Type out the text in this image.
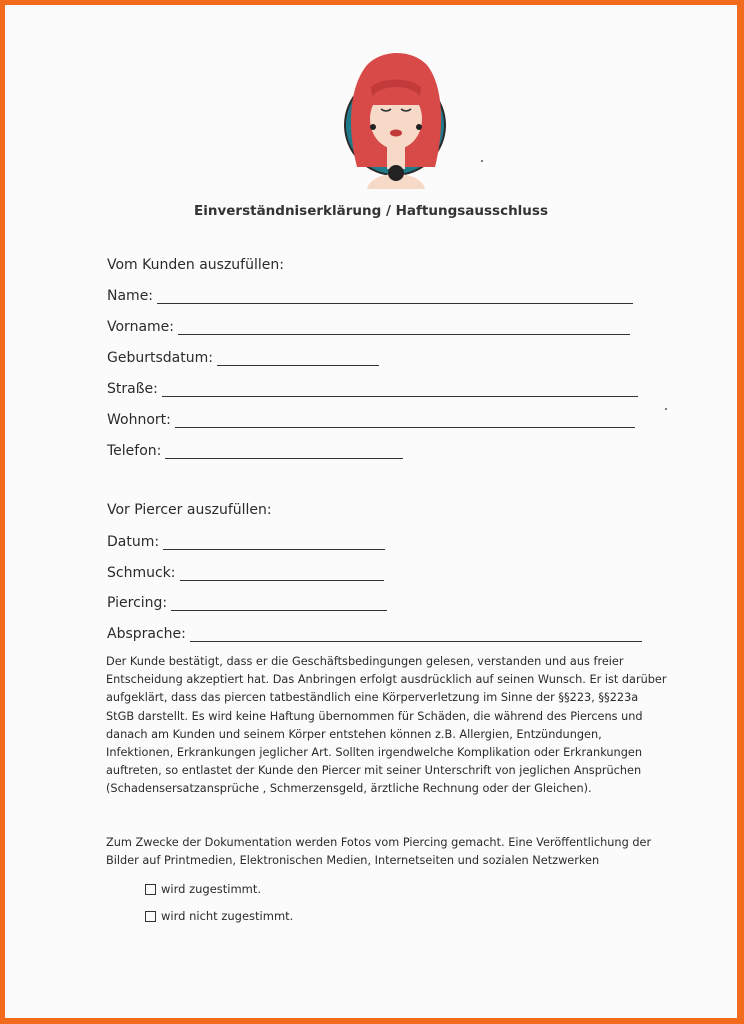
Einverständniserklärung / Haftungsausschluss
Vom Kunden auszufüllen:
Name:
Vorname:
Geburtsdatum:
Straße:
Wohnort:
Telefon:
Vor Piercer auszufüllen:
Datum:
Schmuck:
Piercing:
Absprache:
Der Kunde bestätigt, dass er die Geschäftsbedingungen gelesen, verstanden und aus freier
Entscheidung akzeptiert hat. Das Anbringen erfolgt ausdrücklich auf seinen Wunsch. Er ist darüber
aufgeklärt, dass das piercen tatbeständlich eine Körperverletzung im Sinne der §§223, §§223a
StGB darstellt. Es wird keine Haftung übernommen für Schäden, die während des Piercens und
danach am Kunden und seinem Körper entstehen können z.B. Allergien, Entzündungen,
Infektionen, Erkrankungen jeglicher Art. Sollten irgendwelche Komplikation oder Erkrankungen
auftreten, so entlastet der Kunde den Piercer mit seiner Unterschrift von jeglichen Ansprüchen
(Schadensersatzansprüche , Schmerzensgeld, ärztliche Rechnung oder der Gleichen).
Zum Zwecke der Dokumentation werden Fotos vom Piercing gemacht. Eine Veröffentlichung der
Bilder auf Printmedien, Elektronischen Medien, Internetseiten und sozialen Netzwerken
wird zugestimmt.
wird nicht zugestimmt.
